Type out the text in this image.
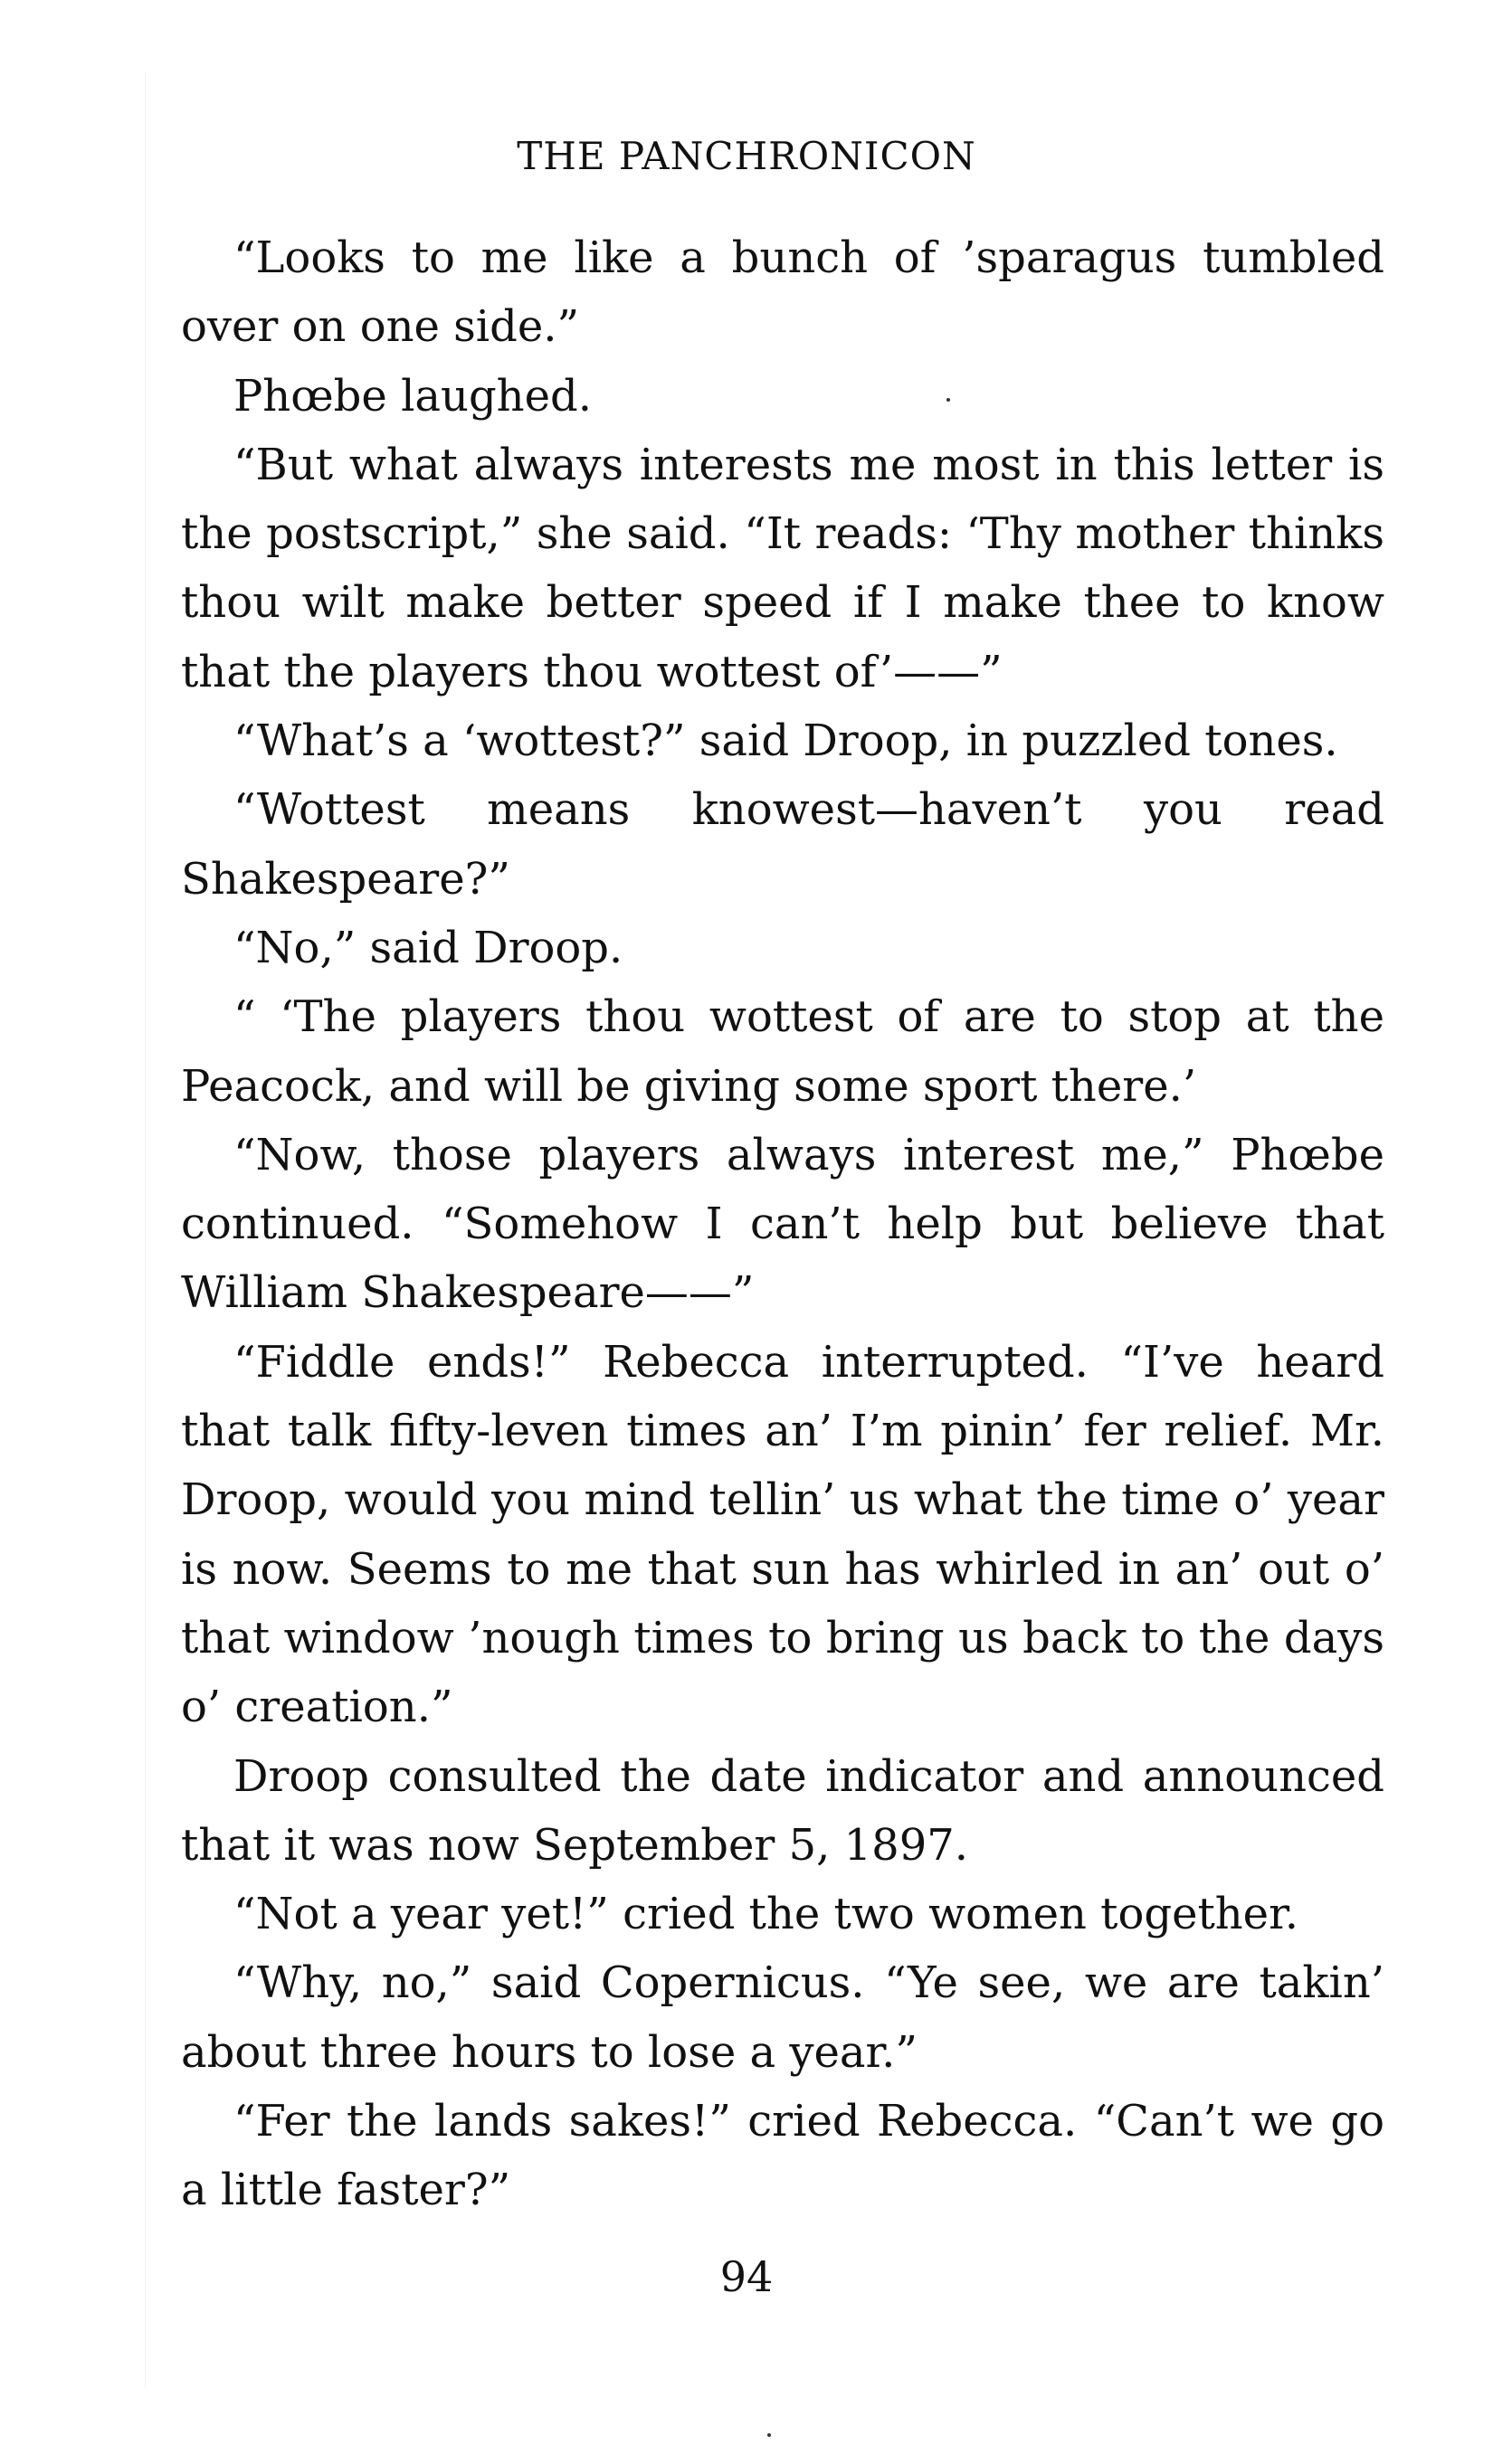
THE PANCHRONICON

“Looks to me like a bunch of ’sparagus tumbled over on one side.”

Phœbe laughed.

“But what always interests me most in this letter is the postscript,” she said. “It reads: ‘Thy mother thinks thou wilt make better speed if I make thee to know that the players thou wottest of’——”

“What’s a ‘wottest?” said Droop, in puzzled tones.

“Wottest means knowest—haven’t you read Shakespeare?”

“No,” said Droop.

“ ‘The players thou wottest of are to stop at the Peacock, and will be giving some sport there.’

“Now, those players always interest me,” Phœbe continued. “Somehow I can’t help but believe that William Shakespeare——”

“Fiddle ends!” Rebecca interrupted. “I’ve heard that talk fifty-leven times an’ I’m pinin’ fer relief. Mr. Droop, would you mind tellin’ us what the time o’ year is now. Seems to me that sun has whirled in an’ out o’ that window ’nough times to bring us back to the days o’ creation.”

Droop consulted the date indicator and announced that it was now September 5, 1897.

“Not a year yet!” cried the two women together.

“Why, no,” said Copernicus. “Ye see, we are takin’ about three hours to lose a year.”

“Fer the lands sakes!” cried Rebecca. “Can’t we go a little faster?”

94
